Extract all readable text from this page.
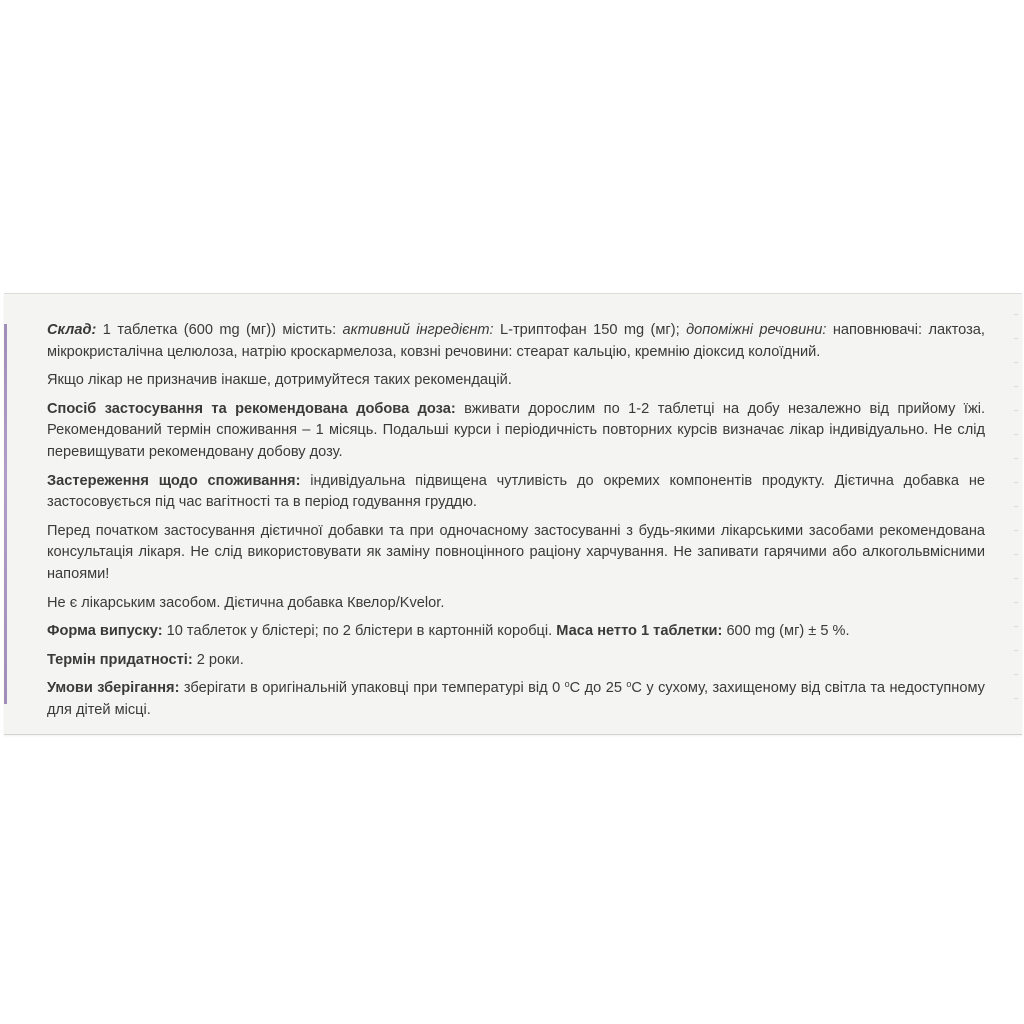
Склад: 1 таблетка (600 mg (мг)) містить: активний інгредієнт: L-триптофан 150 mg (мг); допоміжні речовини: наповнювачі: лактоза, мікрокристалічна целюлоза, натрію кроскармелоза, ковзні речовини: стеарат кальцію, кремнію діоксид колоїдний.

Якщо лікар не призначив інакше, дотримуйтеся таких рекомендацій.

Спосіб застосування та рекомендована добова доза: вживати дорослим по 1-2 таблетці на добу незалежно від прийому їжі. Рекомендований термін споживання – 1 місяць. Подальші курси і періодичність повторних курсів визначає лікар індивідуально. Не слід перевищувати рекомендовану добову дозу.

Застереження щодо споживання: індивідуальна підвищена чутливість до окремих компонентів продукту. Дієтична добавка не застосовується під час вагітності та в період годування груддю.

Перед початком застосування дієтичної добавки та при одночасному застосуванні з будь-якими лікарськими засобами рекомендована консультація лікаря. Не слід використовувати як заміну повноцінного раціону харчування. Не запивати гарячими або алкогольвмісними напоями!

Не є лікарським засобом. Дієтична добавка Квелор/Kvelor.

Форма випуску: 10 таблеток у блістері; по 2 блістери в картонній коробці. Маса нетто 1 таблетки: 600 mg (мг) ± 5 %.

Термін придатності: 2 роки.

Умови зберігання: зберігати в оригінальній упаковці при температурі від 0 $^о$С до 25 $^о$С у сухому, захищеному від світла та недоступному для дітей місці.
